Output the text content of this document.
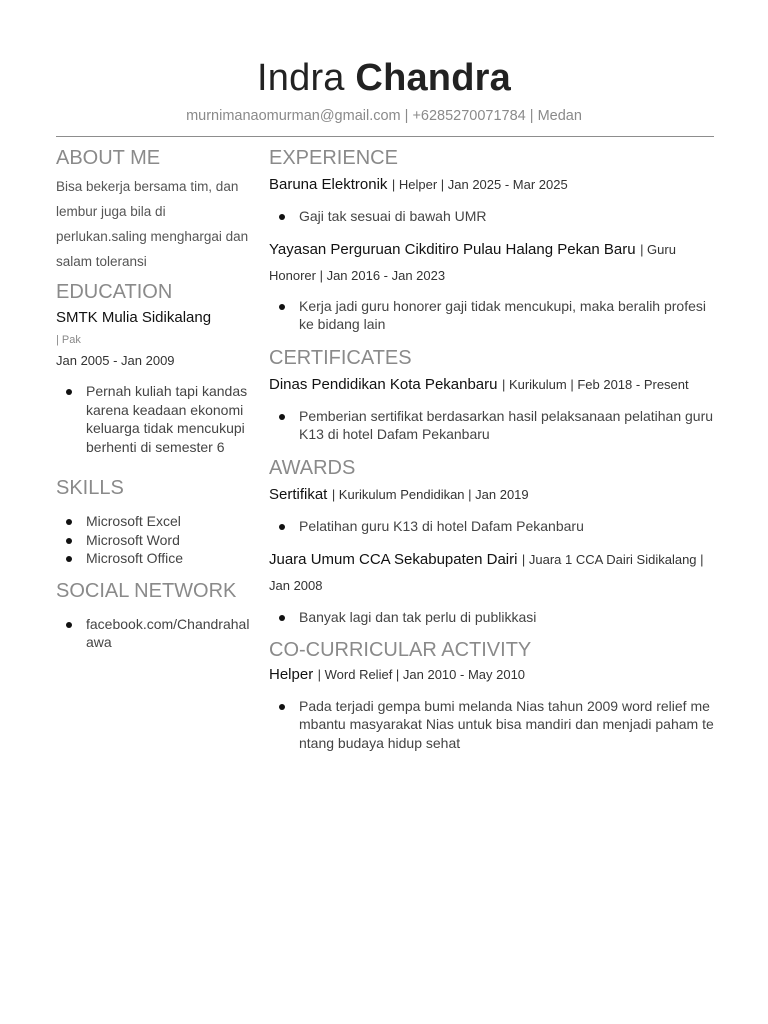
Indra Chandra
murnimanaomurman@gmail.com | +6285270071784 | Medan
ABOUT ME
Bisa bekerja bersama tim, dan lembur juga bila di perlukan.saling menghargai dan salam toleransi
EDUCATION
SMTK Mulia Sidikalang
| Pak
Jan 2005 - Jan 2009
Pernah kuliah tapi kandas karena keadaan ekonomi keluarga tidak mencukupi berhenti di semester 6
SKILLS
Microsoft Excel
Microsoft Word
Microsoft Office
SOCIAL NETWORK
facebook.com/Chandrahalawa
EXPERIENCE
Baruna Elektronik | Helper | Jan 2025 - Mar 2025
Gaji tak sesuai di bawah UMR
Yayasan Perguruan Cikditiro Pulau Halang Pekan Baru | Guru Honorer | Jan 2016 - Jan 2023
Kerja jadi guru honorer gaji tidak mencukupi, maka beralih profesi ke bidang lain
CERTIFICATES
Dinas Pendidikan Kota Pekanbaru | Kurikulum | Feb 2018 - Present
Pemberian sertifikat berdasarkan hasil pelaksanaan pelatihan guru K13 di hotel Dafam Pekanbaru
AWARDS
Sertifikat | Kurikulum Pendidikan | Jan 2019
Pelatihan guru K13 di hotel Dafam Pekanbaru
Juara Umum CCA Sekabupaten Dairi | Juara 1 CCA Dairi Sidikalang | Jan 2008
Banyak lagi dan tak perlu di publikkasi
CO-CURRICULAR ACTIVITY
Helper | Word Relief | Jan 2010 - May 2010
Pada terjadi gempa bumi melanda Nias tahun 2009 word relief membantu masyarakat Nias untuk bisa mandiri dan menjadi paham tentang budaya hidup sehat
